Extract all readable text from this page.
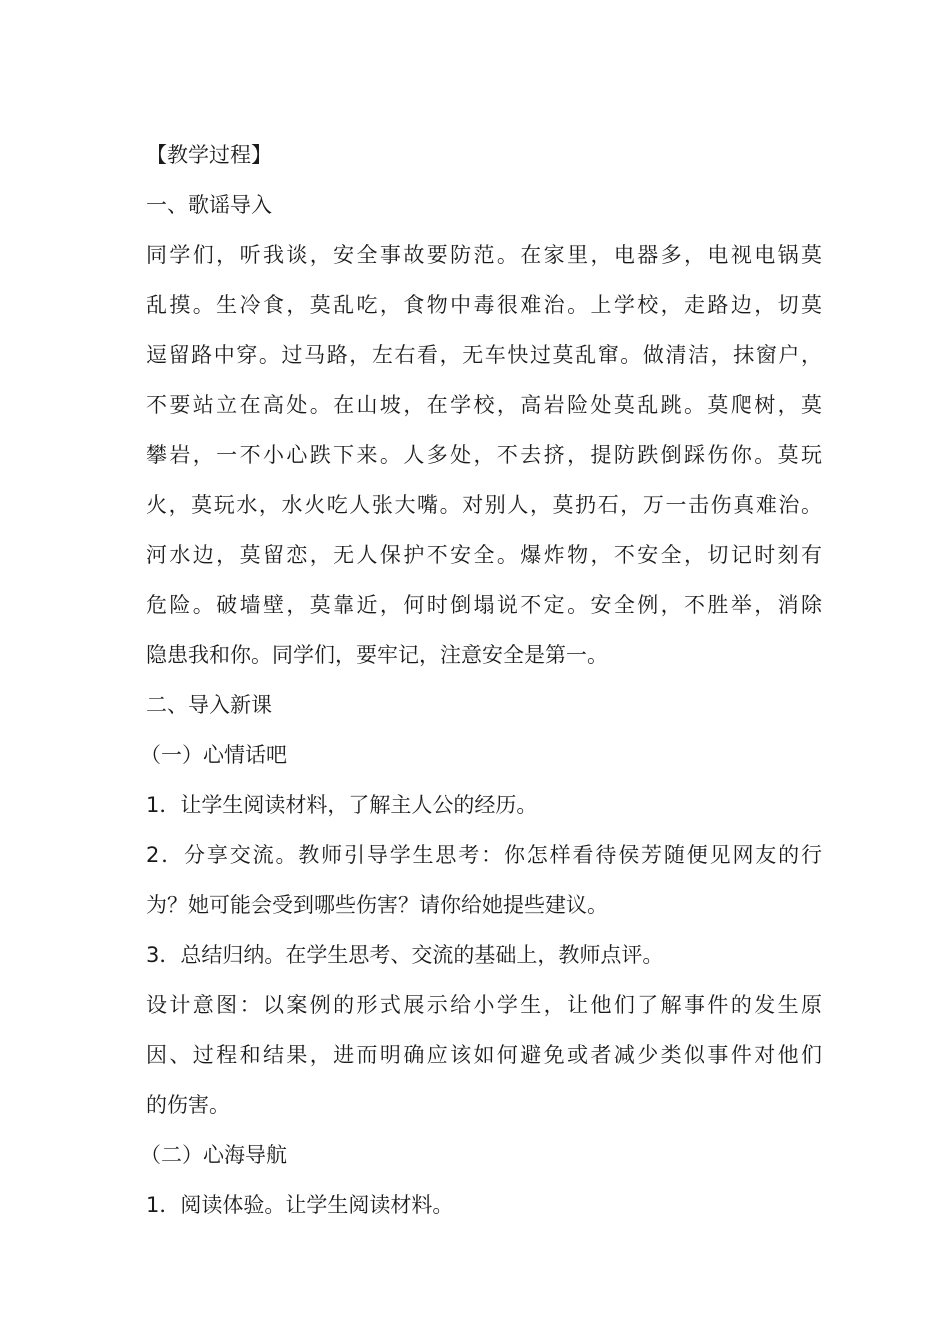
【教学过程】
一、歌谣导入
同学们，听我谈，安全事故要防范。在家里，电器多，电视电锅莫
乱摸。生冷食，莫乱吃，食物中毒很难治。上学校，走路边，切莫
逗留路中穿。过马路，左右看，无车快过莫乱窜。做清洁，抹窗户，
不要站立在高处。在山坡，在学校，高岩险处莫乱跳。莫爬树，莫
攀岩，一不小心跌下来。人多处，不去挤，提防跌倒踩伤你。莫玩
火，莫玩水，水火吃人张大嘴。对别人，莫扔石，万一击伤真难治。
河水边，莫留恋，无人保护不安全。爆炸物，不安全，切记时刻有
危险。破墙壁，莫靠近，何时倒塌说不定。安全例，不胜举，消除
隐患我和你。同学们，要牢记，注意安全是第一。
二、导入新课
（一）心情话吧
1．让学生阅读材料，了解主人公的经历。
2．分享交流。教师引导学生思考：你怎样看待侯芳随便见网友的行
为？她可能会受到哪些伤害？请你给她提些建议。
3．总结归纳。在学生思考、交流的基础上，教师点评。
设计意图：以案例的形式展示给小学生，让他们了解事件的发生原
因、过程和结果，进而明确应该如何避免或者减少类似事件对他们
的伤害。
（二）心海导航
1．阅读体验。让学生阅读材料。
